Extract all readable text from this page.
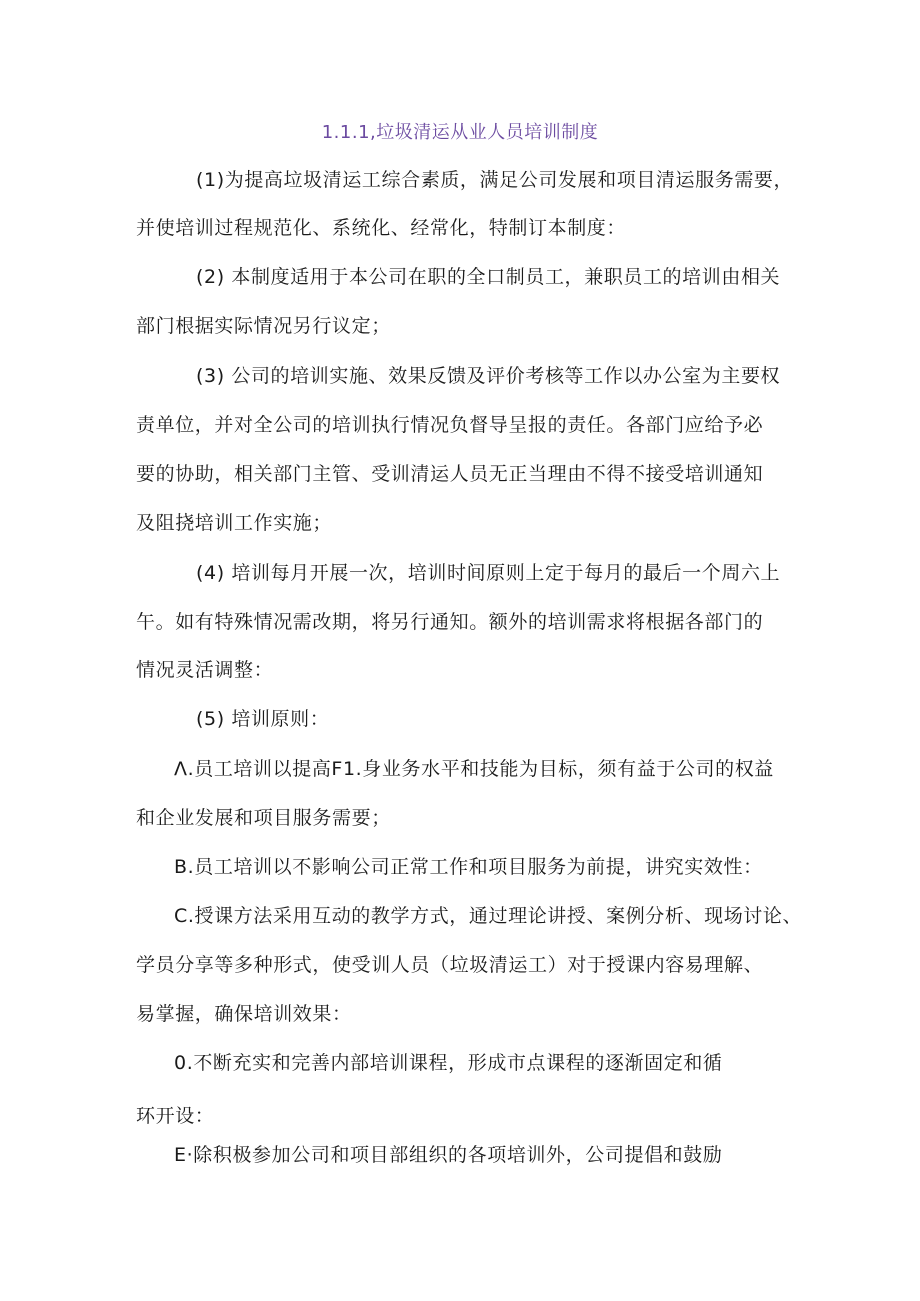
1.1.1,垃圾清运从业人员培训制度

(1)为提高垃圾清运工综合素质，满足公司发展和项目清运服务需要，

并使培训过程规范化、系统化、经常化，特制订本制度：

(2) 本制度适用于本公司在职的全口制员工，兼职员工的培训由相关

部门根据实际情况另行议定；

(3) 公司的培训实施、效果反馈及评价考核等工作以办公室为主要权

责单位，并对全公司的培训执行情况负督导呈报的责任。各部门应给予必

要的协助，相关部门主管、受训清运人员无正当理由不得不接受培训通知

及阻挠培训工作实施；

(4) 培训每月开展一次，培训时间原则上定于每月的最后一个周六上

午。如有特殊情况需改期，将另行通知。额外的培训需求将根据各部门的

情况灵活调整：

(5) 培训原则：

Λ.员工培训以提高F1.身业务水平和技能为目标，须有益于公司的权益

和企业发展和项目服务需要；

B.员工培训以不影响公司正常工作和项目服务为前提，讲究实效性：

C.授课方法采用互动的教学方式，通过理论讲授、案例分析、现场讨论、

学员分享等多种形式，使受训人员（垃圾清运工）对于授课内容易理解、

易掌握，确保培训效果：

0.不断充实和完善内部培训课程，形成市点课程的逐渐固定和循

环开设：

E·除积极参加公司和项目部组织的各项培训外，公司提倡和鼓励
